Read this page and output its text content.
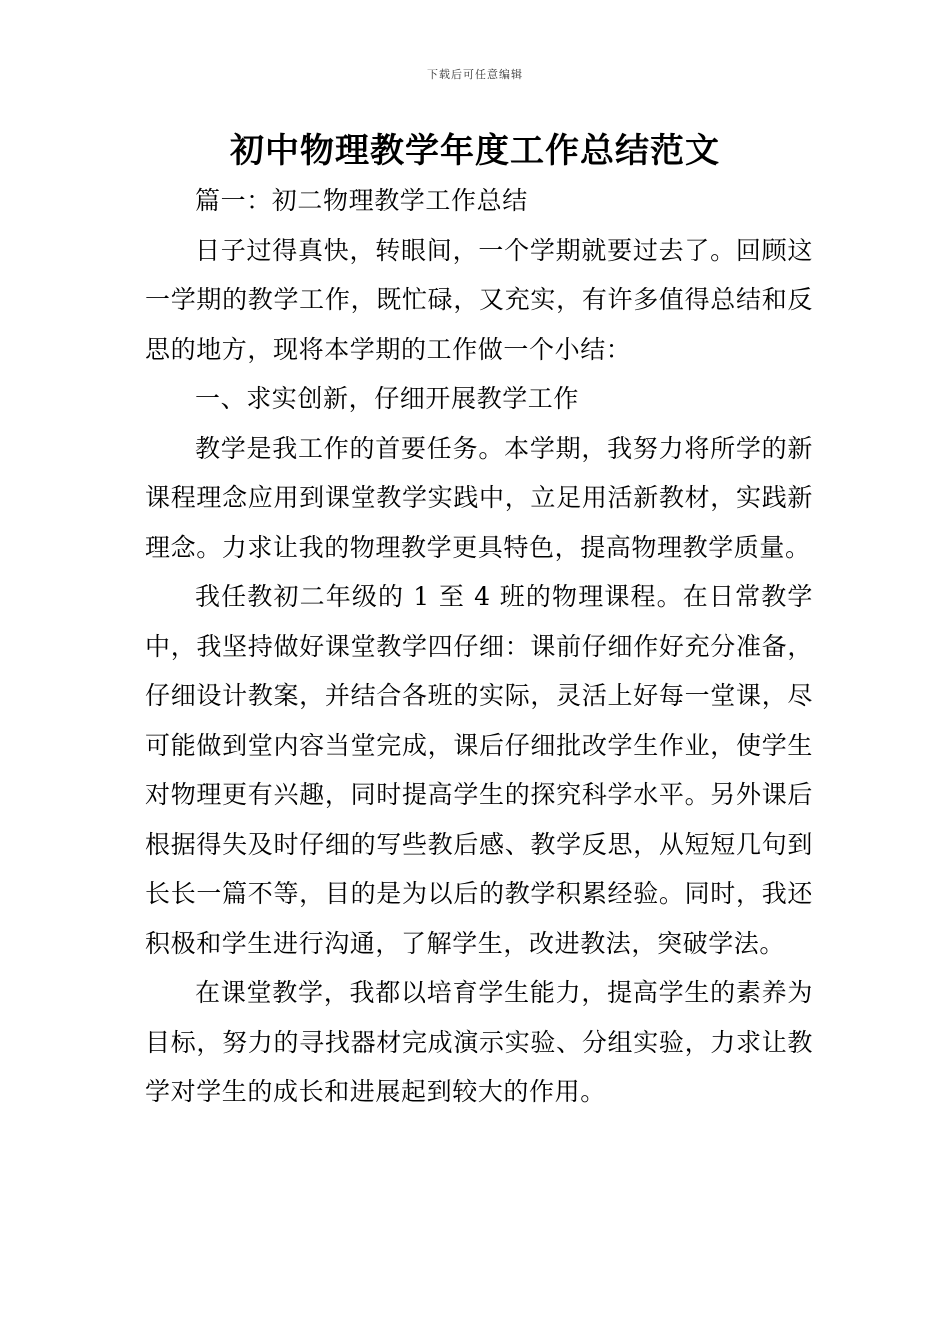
下载后可任意编辑
初中物理教学年度工作总结范文

篇一：初二物理教学工作总结

日子过得真快，转眼间，一个学期就要过去了。回顾这一学期的教学工作，既忙碌，又充实，有许多值得总结和反思的地方，现将本学期的工作做一个小结：

一、求实创新，仔细开展教学工作

教学是我工作的首要任务。本学期，我努力将所学的新课程理念应用到课堂教学实践中，立足用活新教材，实践新理念。力求让我的物理教学更具特色，提高物理教学质量。

我任教初二年级的 1 至 4 班的物理课程。在日常教学中，我坚持做好课堂教学四仔细：课前仔细作好充分准备，仔细设计教案，并结合各班的实际，灵活上好每一堂课，尽可能做到堂内容当堂完成，课后仔细批改学生作业，使学生对物理更有兴趣，同时提高学生的探究科学水平。另外课后根据得失及时仔细的写些教后感、教学反思，从短短几句到长长一篇不等，目的是为以后的教学积累经验。同时，我还积极和学生进行沟通，了解学生，改进教法，突破学法。

在课堂教学，我都以培育学生能力，提高学生的素养为目标，努力的寻找器材完成演示实验、分组实验，力求让教学对学生的成长和进展起到较大的作用。
